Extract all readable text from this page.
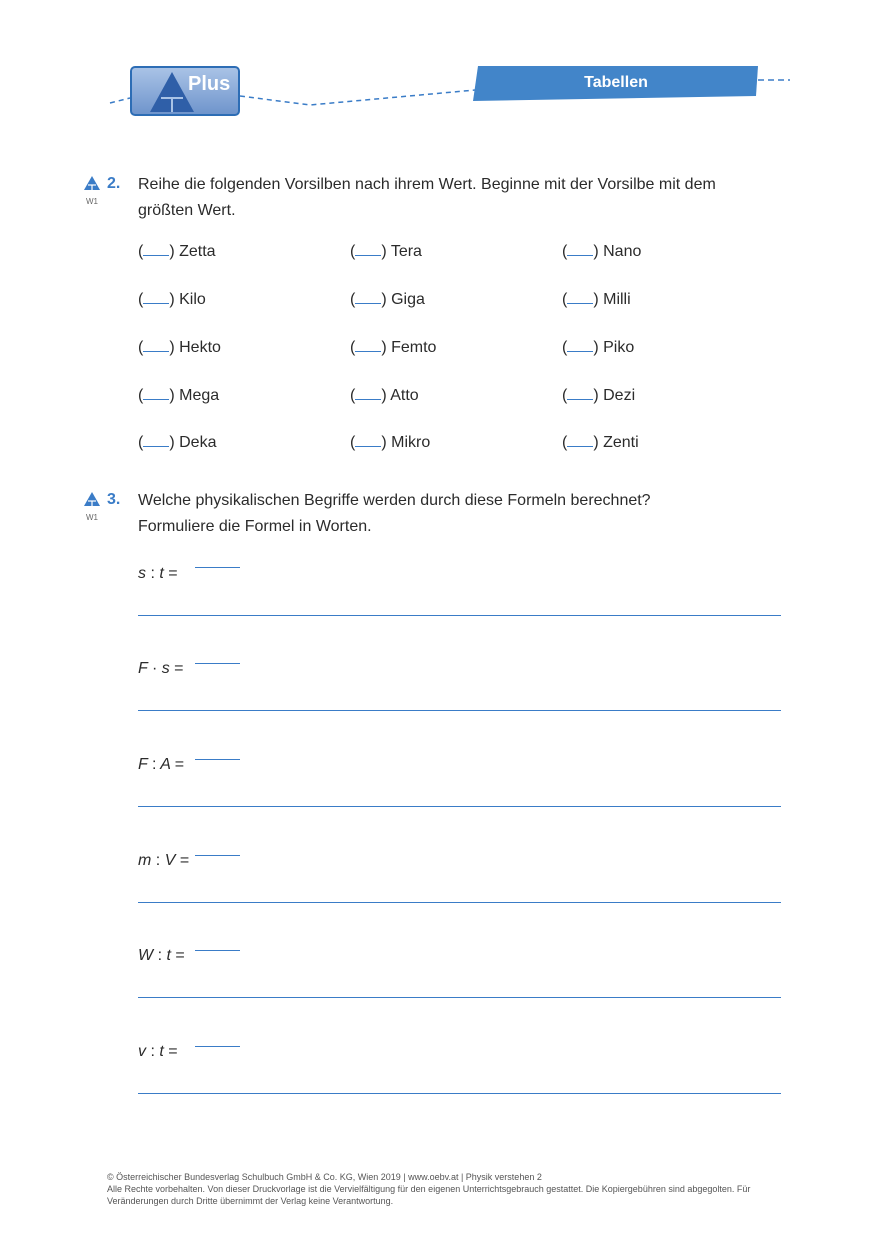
Plus	Tabellen
W1
2. Reihe die folgenden Vorsilben nach ihrem Wert. Beginne mit der Vorsilbe mit dem
größten Wert.
( ) Zetta	( ) Tera	( ) Nano
( ) Kilo	( ) Giga	( ) Milli
( ) Hekto	( ) Femto	( ) Piko
( ) Mega	( ) Atto	( ) Dezi
( ) Deka	( ) Mikro	( ) Zenti
W1
3. Welche physikalischen Begriffe werden durch diese Formeln berechnet?
Formuliere die Formel in Worten.
s : t =
F · s =
F : A =
m : V =
W : t =
v : t =
© Österreichischer Bundesverlag Schulbuch GmbH & Co. KG, Wien 2019 | www.oebv.at | Physik verstehen 2
Alle Rechte vorbehalten. Von dieser Druckvorlage ist die Vervielfältigung für den eigenen Unterrichtsgebrauch gestattet. Die Kopiergebühren sind abgegolten. Für
Veränderungen durch Dritte übernimmt der Verlag keine Verantwortung.
